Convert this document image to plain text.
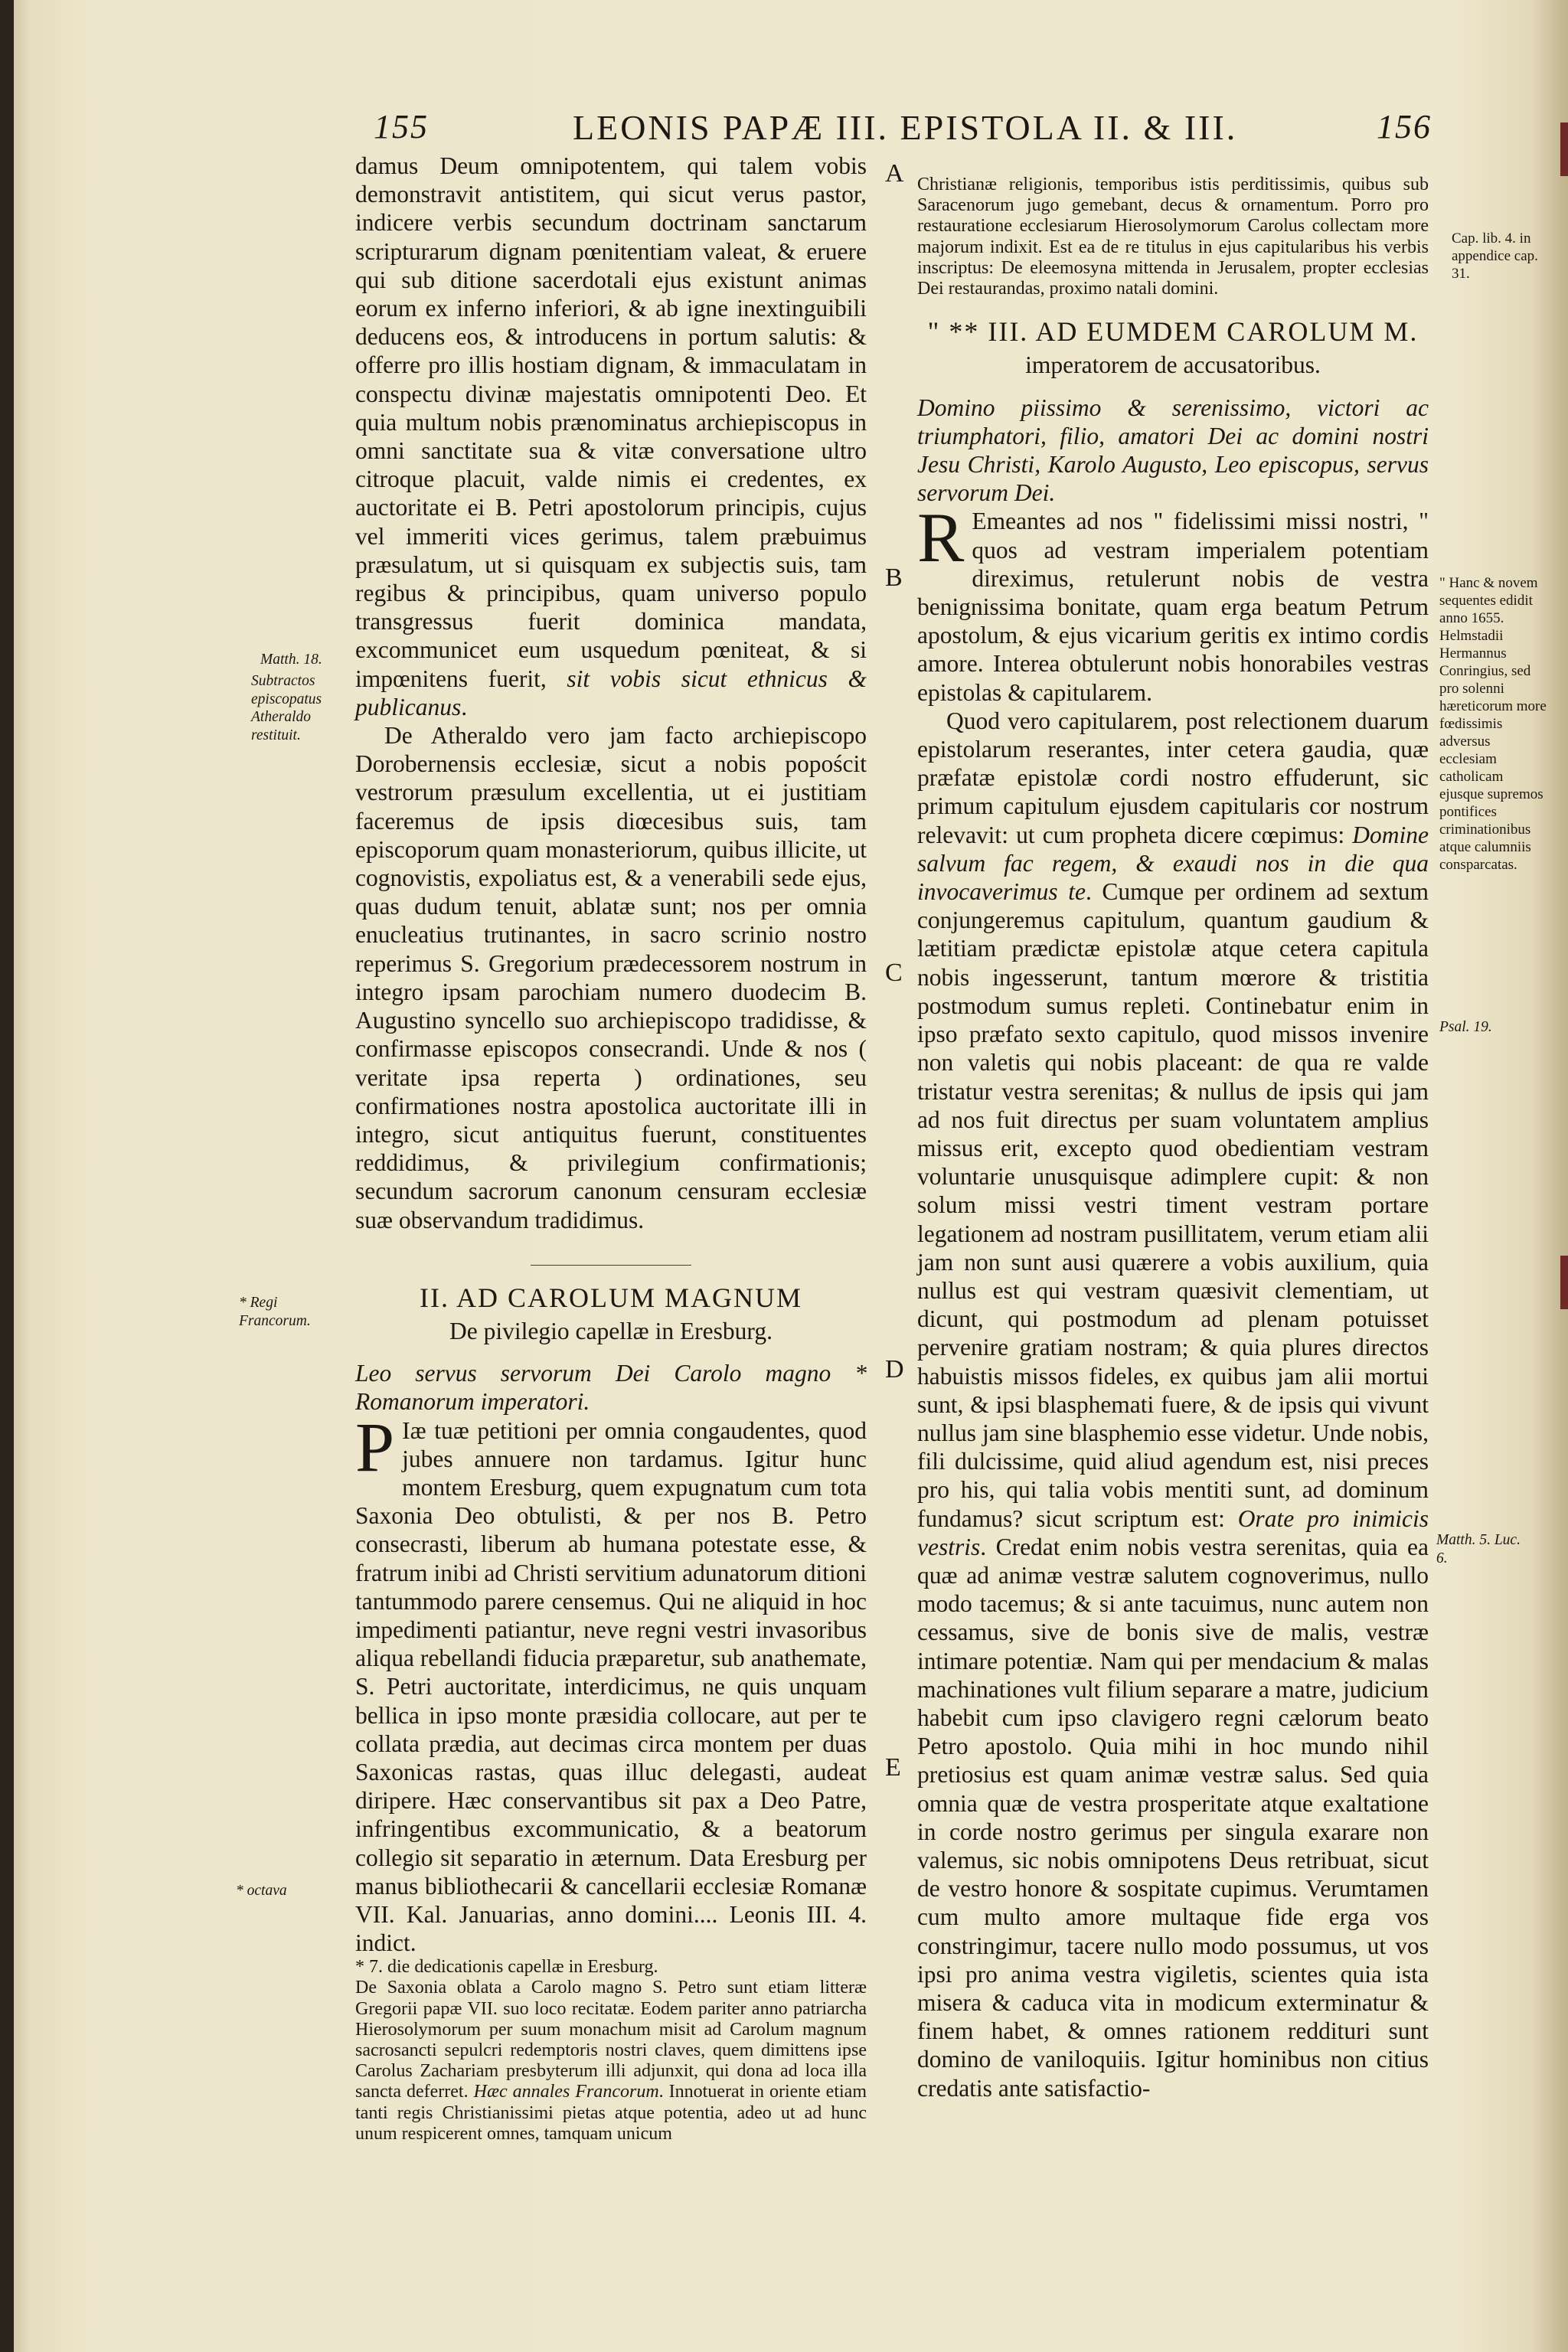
155	LEONIS PAPÆ III. EPISTOLA II. & III.	156

damus Deum omnipotentem, qui talem vobis demonstravit antistitem, qui sicut verus pastor, indicere verbis secundum doctrinam sanctarum scripturarum dignam pœnitentiam valeat, & eruere qui sub ditione sacerdotali ejus existunt animas eorum ex inferno inferiori, & ab igne inextinguibili deducens eos, & introducens in portum salutis: & offerre pro illis hostiam dignam, & immaculatam in conspectu divinæ majestatis omnipotenti Deo. Et quia multum nobis prænominatus archiepiscopus in omni sanctitate sua & vitæ conversatione ultro citroque placuit, valde nimis ei credentes, ex auctoritate ei B. Petri apostolorum principis, cujus vel immeriti vices gerimus, talem præbuimus præsulatum, ut si quisquam ex subjectis suis, tam regibus & principibus, quam universo populo transgressus fuerit dominica mandata, excommunicet eum usquedum pœniteat, & si impœnitens fuerit, sit vobis sicut ethnicus & publicanus.

De Atheraldo vero jam facto archiepiscopo Dorobernensis ecclesiæ, sicut a nobis popościt vestrorum præsulum excellentia, ut ei justitiam faceremus de ipsis diœcesibus suis, tam episcoporum quam monasteriorum, quibus illicite, ut cognovistis, expoliatus est, & a venerabili sede ejus, quas dudum tenuit, ablatæ sunt; nos per omnia enucleatius trutinantes, in sacro scrinio nostro reperimus S. Gregorium prædecessorem nostrum in integro ipsam parochiam numero duodecim B. Augustino syncello suo archiepiscopo tradidisse, & confirmasse episcopos consecrandi. Unde & nos ( veritate ipsa reperta ) ordinationes, seu confirmationes nostra apostolica auctoritate illi in integro, sicut antiquitus fuerunt, constituentes reddidimus, & privilegium confirmationis; secundum sacrorum canonum censuram ecclesiæ suæ observandum tradidimus.

II. AD CAROLUM MAGNUM
De pivilegio capellæ in Eresburg.

Leo servus servorum Dei Carolo magno * Romanorum imperatori.

P Iæ tuæ petitioni per omnia congaudentes, quod jubes annuere non tardamus. Igitur hunc montem Eresburg, quem expugnatum cum tota Saxonia Deo obtulisti, & per nos B. Petro consecrasti, liberum ab humana potestate esse, & fratrum inibi ad Christi servitium adunatorum ditioni tantummodo parere censemus. Qui ne aliquid in hoc impedimenti patiantur, neve regni vestri invasoribus aliqua rebellandi fiducia præparetur, sub anathemate, S. Petri auctoritate, interdicimus, ne quis unquam bellica in ipso monte præsidia collocare, aut per te collata prædia, aut decimas circa montem per duas Saxonicas rastas, quas illuc delegasti, audeat diripere. Hæc conservantibus sit pax a Deo Patre, infringentibus excommunicatio, & a beatorum collegio sit separatio in æternum. Data Eresburg per manus bibliothecarii & cancellarii ecclesiæ Romanæ VII. Kal. Januarias, anno domini.... Leonis III. 4. indict.

* 7. die dedicationis capellæ in Eresburg.

De Saxonia oblata a Carolo magno S. Petro sunt etiam litteræ Gregorii papæ VII. suo loco recitatæ. Eodem pariter anno patriarcha Hierosolymorum per suum monachum misit ad Carolum magnum sacrosancti sepulcri redemptoris nostri claves, quem dimittens ipse Carolus Zachariam presbyterum illi adjunxit, qui dona ad loca illa sancta deferret. Hæc annales Francorum. Innotuerat in oriente etiam tanti regis Christianissimi pietas atque potentia, adeo ut ad hunc unum respicerent omnes, tamquam unicum

Matth. 18.
Subtractos episcopatus Atheraldo restituit.
* Regi Francorum.
* octava
A
B
C
D
E

Christianæ religionis, temporibus istis perditissimis, quibus sub Saracenorum jugo gemebant, decus & ornamentum. Porro pro restauratione ecclesiarum Hierosolymorum Carolus collectam more majorum indixit. Est ea de re titulus in ejus capitularibus his verbis inscriptus: De eleemosyna mittenda in Jerusalem, propter ecclesias Dei restaurandas, proximo natali domini.

" ** III. AD EUMDEM CAROLUM M.
imperatorem de accusatoribus.

Domino piissimo & serenissimo, victori ac triumphatori, filio, amatori Dei ac domini nostri Jesu Christi, Karolo Augusto, Leo episcopus, servus servorum Dei.

R Emeantes ad nos " fidelissimi missi nostri, " quos ad vestram imperialem potentiam direximus, retulerunt nobis de vestra benignissima bonitate, quam erga beatum Petrum apostolum, & ejus vicarium geritis ex intimo cordis amore. Interea obtulerunt nobis honorabiles vestras epistolas & capitularem.

Quod vero capitularem, post relectionem duarum epistolarum reserantes, inter cetera gaudia, quæ præfatæ epistolæ cordi nostro effuderunt, sic primum capitulum ejusdem capitularis cor nostrum relevavit: ut cum propheta dicere cœpimus: Domine salvum fac regem, & exaudi nos in die qua invocaverimus te. Cumque per ordinem ad sextum conjungeremus capitulum, quantum gaudium & lætitiam prædictæ epistolæ atque cetera capitula nobis ingesserunt, tantum mœrore & tristitia postmodum sumus repleti. Continebatur enim in ipso præfato sexto capitulo, quod missos invenire non valetis qui nobis placeant: de qua re valde tristatur vestra serenitas; & nullus de ipsis qui jam ad nos fuit directus per suam voluntatem amplius missus erit, excepto quod obedientiam vestram voluntarie unusquisque adimplere cupit: & non solum missi vestri timent vestram portare legationem ad nostram pusillitatem, verum etiam alii jam non sunt ausi quærere a vobis auxilium, quia nullus est qui vestram quæsivit clementiam, ut dicunt, qui postmodum ad plenam potuisset pervenire gratiam nostram; & quia plures directos habuistis missos fideles, ex quibus jam alii mortui sunt, & ipsi blasphemati fuere, & de ipsis qui vivunt nullus jam sine blasphemio esse videtur. Unde nobis, fili dulcissime, quid aliud agendum est, nisi preces pro his, qui talia vobis mentiti sunt, ad dominum fundamus? sicut scriptum est: Orate pro inimicis vestris. Credat enim nobis vestra serenitas, quia ea quæ ad animæ vestræ salutem cognoverimus, nullo modo tacemus; & si ante tacuimus, nunc autem non cessamus, sive de bonis sive de malis, vestræ intimare potentiæ. Nam qui per mendacium & malas machinationes vult filium separare a matre, judicium habebit cum ipso clavigero regni cælorum beato Petro apostolo. Quia mihi in hoc mundo nihil pretiosius est quam animæ vestræ salus. Sed quia omnia quæ de vestra prosperitate atque exaltatione in corde nostro gerimus per singula exarare non valemus, sic nobis omnipotens Deus retribuat, sicut de vestro honore & sospitate cupimus. Verumtamen cum multo amore multaque fide erga vos constringimur, tacere nullo modo possumus, ut vos ipsi pro anima vestra vigiletis, scientes quia ista misera & caduca vita in modicum exterminatur & finem habet, & omnes rationem reddituri sunt domino de vaniloquiis. Igitur hominibus non citius credatis ante satisfactio-

Cap. lib. 4. in appendice cap. 31.
" Hanc & novem sequentes edidit anno 1655. Helmstadii Hermannus Conringius, sed pro solenni hæreticorum more fœdissimis adversus ecclesiam catholicam ejusque supremos pontifices criminationibus atque calumniis consparcatas.
Psal. 19.
Matth. 5. Luc. 6.
